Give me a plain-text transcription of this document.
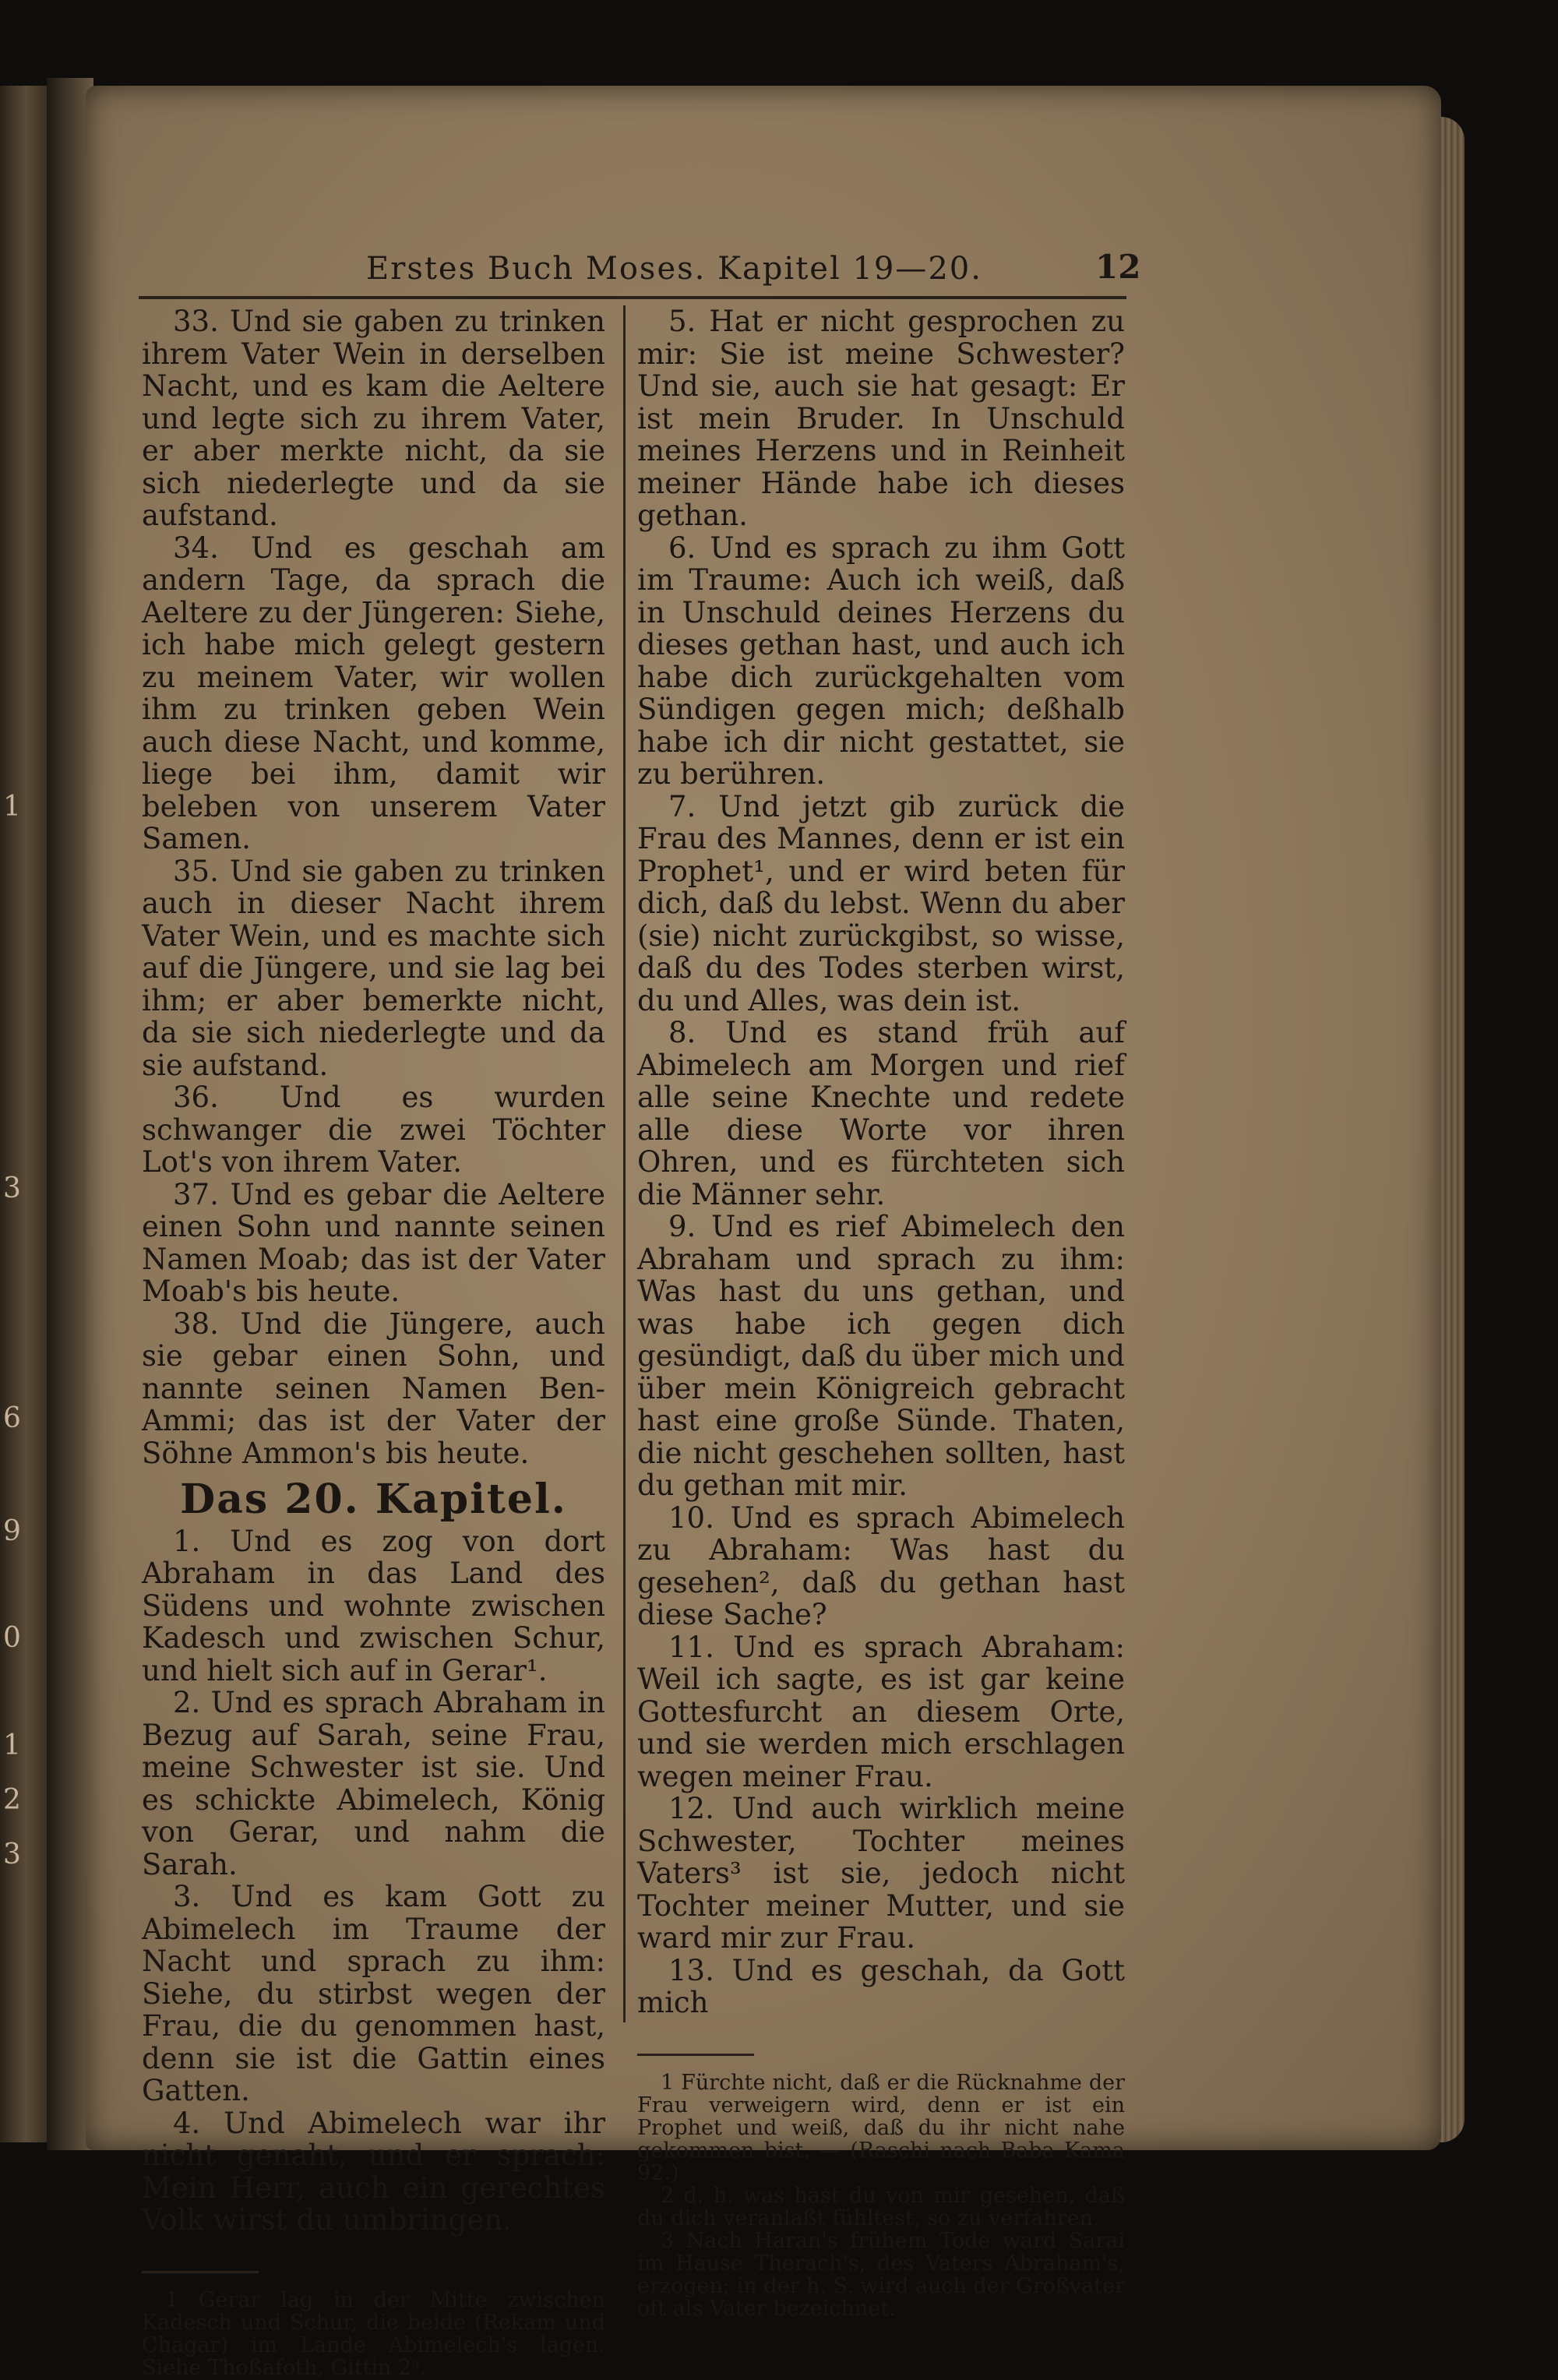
1
3
6
9
0
1
2
3
Erstes Buch Moses. Kapitel 19—20.	12

33. Und sie gaben zu trinken ihrem Vater Wein in derselben Nacht, und es kam die Aeltere und legte sich zu ihrem Vater, er aber merkte nicht, da sie sich niederlegte und da sie aufstand.

34. Und es geschah am andern Tage, da sprach die Aeltere zu der Jüngeren: Siehe, ich habe mich gelegt gestern zu meinem Vater, wir wollen ihm zu trinken geben Wein auch diese Nacht, und komme, liege bei ihm, damit wir beleben von unserem Vater Samen.

35. Und sie gaben zu trinken auch in dieser Nacht ihrem Vater Wein, und es machte sich auf die Jüngere, und sie lag bei ihm; er aber bemerkte nicht, da sie sich niederlegte und da sie aufstand.

36. Und es wurden schwanger die zwei Töchter Lot's von ihrem Vater.

37. Und es gebar die Aeltere einen Sohn und nannte seinen Namen Moab; das ist der Vater Moab's bis heute.

38. Und die Jüngere, auch sie gebar einen Sohn, und nannte seinen Namen Ben-Ammi; das ist der Vater der Söhne Ammon's bis heute.

Das 20. Kapitel.

1. Und es zog von dort Abraham in das Land des Südens und wohnte zwischen Kadesch und zwischen Schur, und hielt sich auf in Gerar¹.

2. Und es sprach Abraham in Bezug auf Sarah, seine Frau, meine Schwester ist sie. Und es schickte Abimelech, König von Gerar, und nahm die Sarah.

3. Und es kam Gott zu Abimelech im Traume der Nacht und sprach zu ihm: Siehe, du stirbst wegen der Frau, die du genommen hast, denn sie ist die Gattin eines Gatten.

4. Und Abimelech war ihr nicht genaht, und er sprach: Mein Herr, auch ein gerechtes Volk wirst du umbringen.

1 Gerar lag in der Mitte zwischen Kadesch und Schur, die beide (Rekam und Chagar) im Lande Abimelech's lagen. Siehe Thoßafoth, Gittin 2ᵃ.

5. Hat er nicht gesprochen zu mir: Sie ist meine Schwester? Und sie, auch sie hat gesagt: Er ist mein Bruder. In Unschuld meines Herzens und in Reinheit meiner Hände habe ich dieses gethan.

6. Und es sprach zu ihm Gott im Traume: Auch ich weiß, daß in Unschuld deines Herzens du dieses gethan hast, und auch ich habe dich zurückgehalten vom Sündigen gegen mich; deßhalb habe ich dir nicht gestattet, sie zu berühren.

7. Und jetzt gib zurück die Frau des Mannes, denn er ist ein Prophet¹, und er wird beten für dich, daß du lebst. Wenn du aber (sie) nicht zurückgibst, so wisse, daß du des Todes sterben wirst, du und Alles, was dein ist.

8. Und es stand früh auf Abimelech am Morgen und rief alle seine Knechte und redete alle diese Worte vor ihren Ohren, und es fürchteten sich die Männer sehr.

9. Und es rief Abimelech den Abraham und sprach zu ihm: Was hast du uns gethan, und was habe ich gegen dich gesündigt, daß du über mich und über mein Königreich gebracht hast eine große Sünde. Thaten, die nicht geschehen sollten, hast du gethan mit mir.

10. Und es sprach Abimelech zu Abraham: Was hast du gesehen², daß du gethan hast diese Sache?

11. Und es sprach Abraham: Weil ich sagte, es ist gar keine Gottesfurcht an diesem Orte, und sie werden mich erschlagen wegen meiner Frau.

12. Und auch wirklich meine Schwester, Tochter meines Vaters³ ist sie, jedoch nicht Tochter meiner Mutter, und sie ward mir zur Frau.

13. Und es geschah, da Gott mich

1 Fürchte nicht, daß er die Rücknahme der Frau verweigern wird, denn er ist ein Prophet und weiß, daß du ihr nicht nahe gekommen bist. — (Raschi nach Baba Kama 92.)

2 d. h. was hast du von mir gesehen, daß du dich veranlaßt fühltest, so zu verfahren.

3 Nach Haran's frühem Tode ward Sarai im Hause Therach's, des Vaters Abraham's, erzogen; in der h. S. wird auch der Großvater oft als Vater bezeichnet.
